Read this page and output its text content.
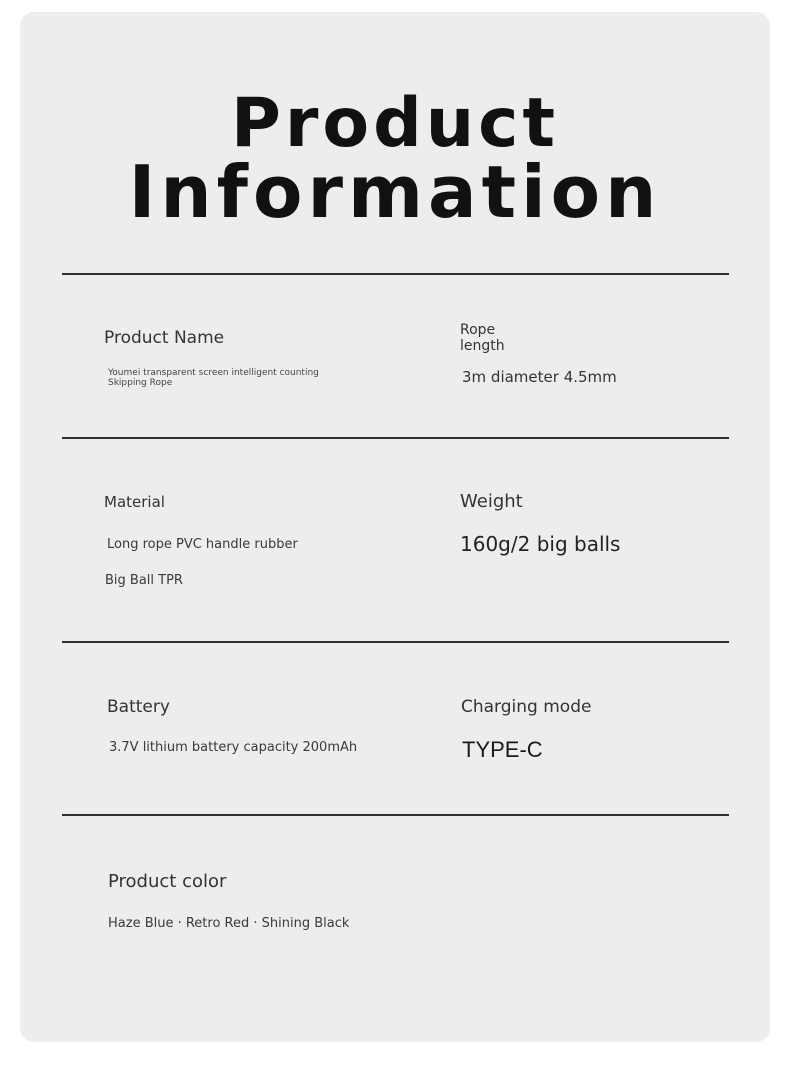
Product
Information
Product Name
Youmei transparent screen intelligent counting Skipping Rope
Rope length
3m diameter 4.5mm
Material
Long rope PVC handle rubber
Big Ball TPR
Weight
160g/2 big balls
Battery
3.7V lithium battery capacity 200mAh
Charging mode
TYPE-C
Product color
Haze Blue · Retro Red · Shining Black
